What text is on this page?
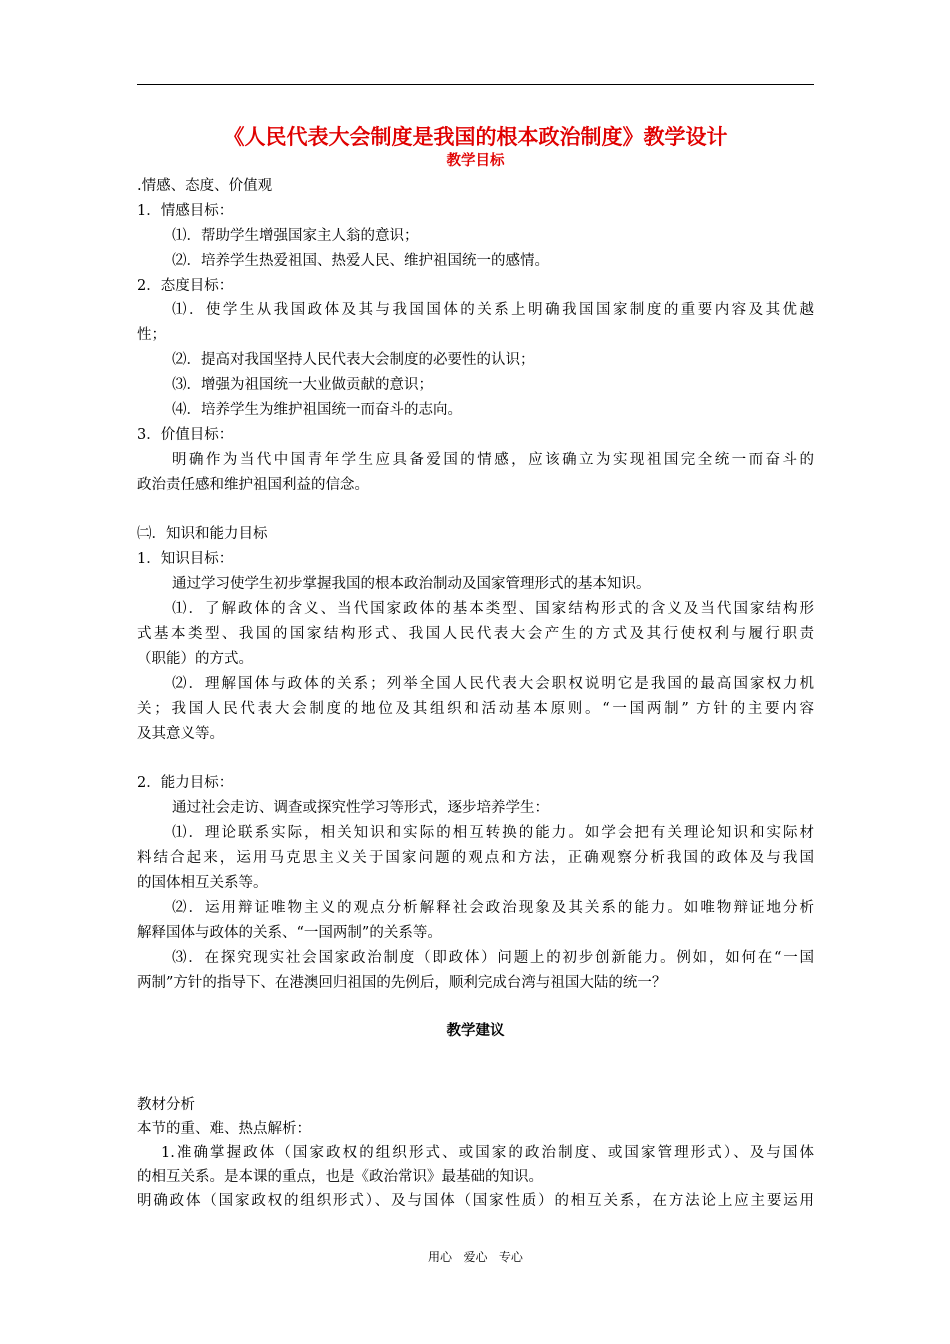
《人民代表大会制度是我国的根本政治制度》教学设计
教学目标
.情感、态度、价值观
1．情感目标：
⑴．帮助学生增强国家主人翁的意识；
⑵．培养学生热爱祖国、热爱人民、维护祖国统一的感情。
2．态度目标：
⑴．使学生从我国政体及其与我国国体的关系上明确我国国家制度的重要内容及其优越
性；
⑵．提高对我国坚持人民代表大会制度的必要性的认识；
⑶．增强为祖国统一大业做贡献的意识；
⑷．培养学生为维护祖国统一而奋斗的志向。
3．价值目标：
明确作为当代中国青年学生应具备爱国的情感，应该确立为实现祖国完全统一而奋斗的
政治责任感和维护祖国利益的信念。
㈡．知识和能力目标
1．知识目标：
通过学习使学生初步掌握我国的根本政治制动及国家管理形式的基本知识。
⑴．了解政体的含义、当代国家政体的基本类型、国家结构形式的含义及当代国家结构形
式基本类型、我国的国家结构形式、我国人民代表大会产生的方式及其行使权利与履行职责
（职能）的方式。
⑵．理解国体与政体的关系；列举全国人民代表大会职权说明它是我国的最高国家权力机
关；我国人民代表大会制度的地位及其组织和活动基本原则。“一国两制” 方针的主要内容
及其意义等。
2．能力目标：
通过社会走访、调查或探究性学习等形式，逐步培养学生：
⑴．理论联系实际，相关知识和实际的相互转换的能力。如学会把有关理论知识和实际材
料结合起来，运用马克思主义关于国家问题的观点和方法，正确观察分析我国的政体及与我国
的国体相互关系等。
⑵．运用辩证唯物主义的观点分析解释社会政治现象及其关系的能力。如唯物辩证地分析
解释国体与政体的关系、“一国两制”的关系等。
⑶．在探究现实社会国家政治制度（即政体）问题上的初步创新能力。例如，如何在“一国
两制”方针的指导下、在港澳回归祖国的先例后，顺利完成台湾与祖国大陆的统一？
教学建议
教材分析
本节的重、难、热点解析：
1.准确掌握政体（国家政权的组织形式、或国家的政治制度、或国家管理形式）、及与国体
的相互关系。是本课的重点，也是《政治常识》最基础的知识。
明确政体（国家政权的组织形式）、及与国体（国家性质）的相互关系，在方法论上应主要运用
用心   爱心   专心
